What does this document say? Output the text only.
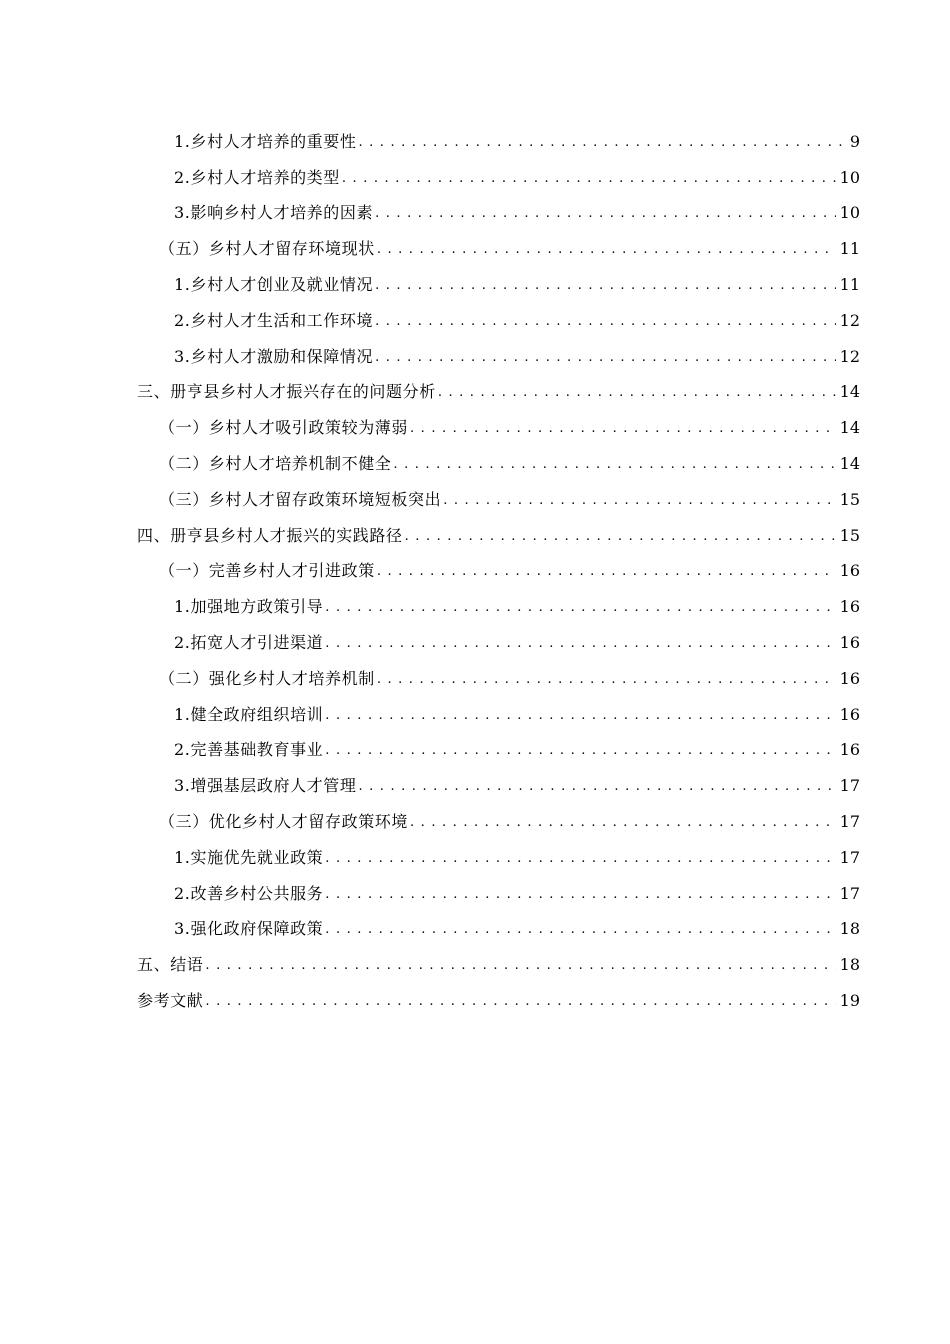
1.乡村人才培养的重要性 . . .	9
2.乡村人才培养的类型 . . .	10
3.影响乡村人才培养的因素 . . .	10
（五）乡村人才留存环境现状 . . .	11
1.乡村人才创业及就业情况 . . .	11
2.乡村人才生活和工作环境 . . .	12
3.乡村人才激励和保障情况 . . .	12
三、册亨县乡村人才振兴存在的问题分析 . . .	14
（一）乡村人才吸引政策较为薄弱 . . .	14
（二）乡村人才培养机制不健全 . . .	14
（三）乡村人才留存政策环境短板突出 . . .	15
四、册亨县乡村人才振兴的实践路径 . . .	15
（一）完善乡村人才引进政策 . . .	16
1.加强地方政策引导 . . .	16
2.拓宽人才引进渠道 . . .	16
（二）强化乡村人才培养机制 . . .	16
1.健全政府组织培训 . . .	16
2.完善基础教育事业 . . .	16
3.增强基层政府人才管理 . . .	17
（三）优化乡村人才留存政策环境 . . .	17
1.实施优先就业政策 . . .	17
2.改善乡村公共服务 . . .	17
3.强化政府保障政策 . . .	18
五、结语 . . .	18
参考文献 . . .	19
